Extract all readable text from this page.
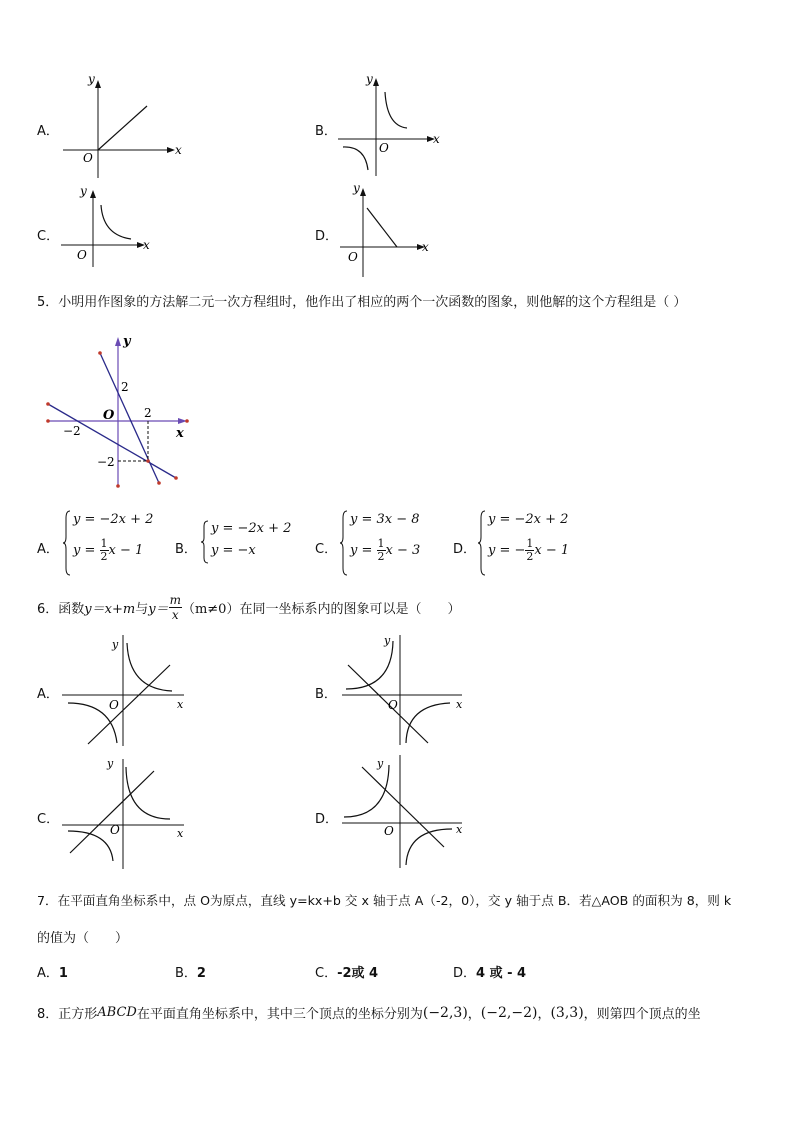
A．
x
y
O
B．	x
y
O
C．
x
y
O
D．
x
y
O
5．小明用作图象的方法解二元一次方程组时，他作出了相应的两个一次函数的图象，则他解的这个方程组是（ ）
y
x
O
2
2
−2
−2
A．
y = −2x + 2
$y = \frac{1}{2}$ x − 1 B．
y = −2x + 2
y = −x	C．
y = 3x − 8
$y = \frac{1}{2}$ x − 3	D．
y = −2x + 2
y = − $\frac{1}{2}$ x − 1
6．函数 y＝x+m 与 $y= \frac{m}{x} (m\ne 0)$ 在同一坐标系内的图象可以是（　　）
A．
x
y
O
B．
x
y
O
C．
x
y
O
D．
x
y
O
7．在平面直角坐标系中，点 O为原点，直线 y=kx+b 交 x 轴于点 A（-2，0），交 y 轴于点 B．若△AOB 的面积为 8，则 k
的值为（　　）
A．1	B．2	C．-2或 4	D．4 或 - 4
8．正方形 ABCD 在平面直角坐标系中，其中三个顶点的坐标分别为 (−2,3) ， (−2,−2) ， (3,3) ，则第四个顶点的坐
